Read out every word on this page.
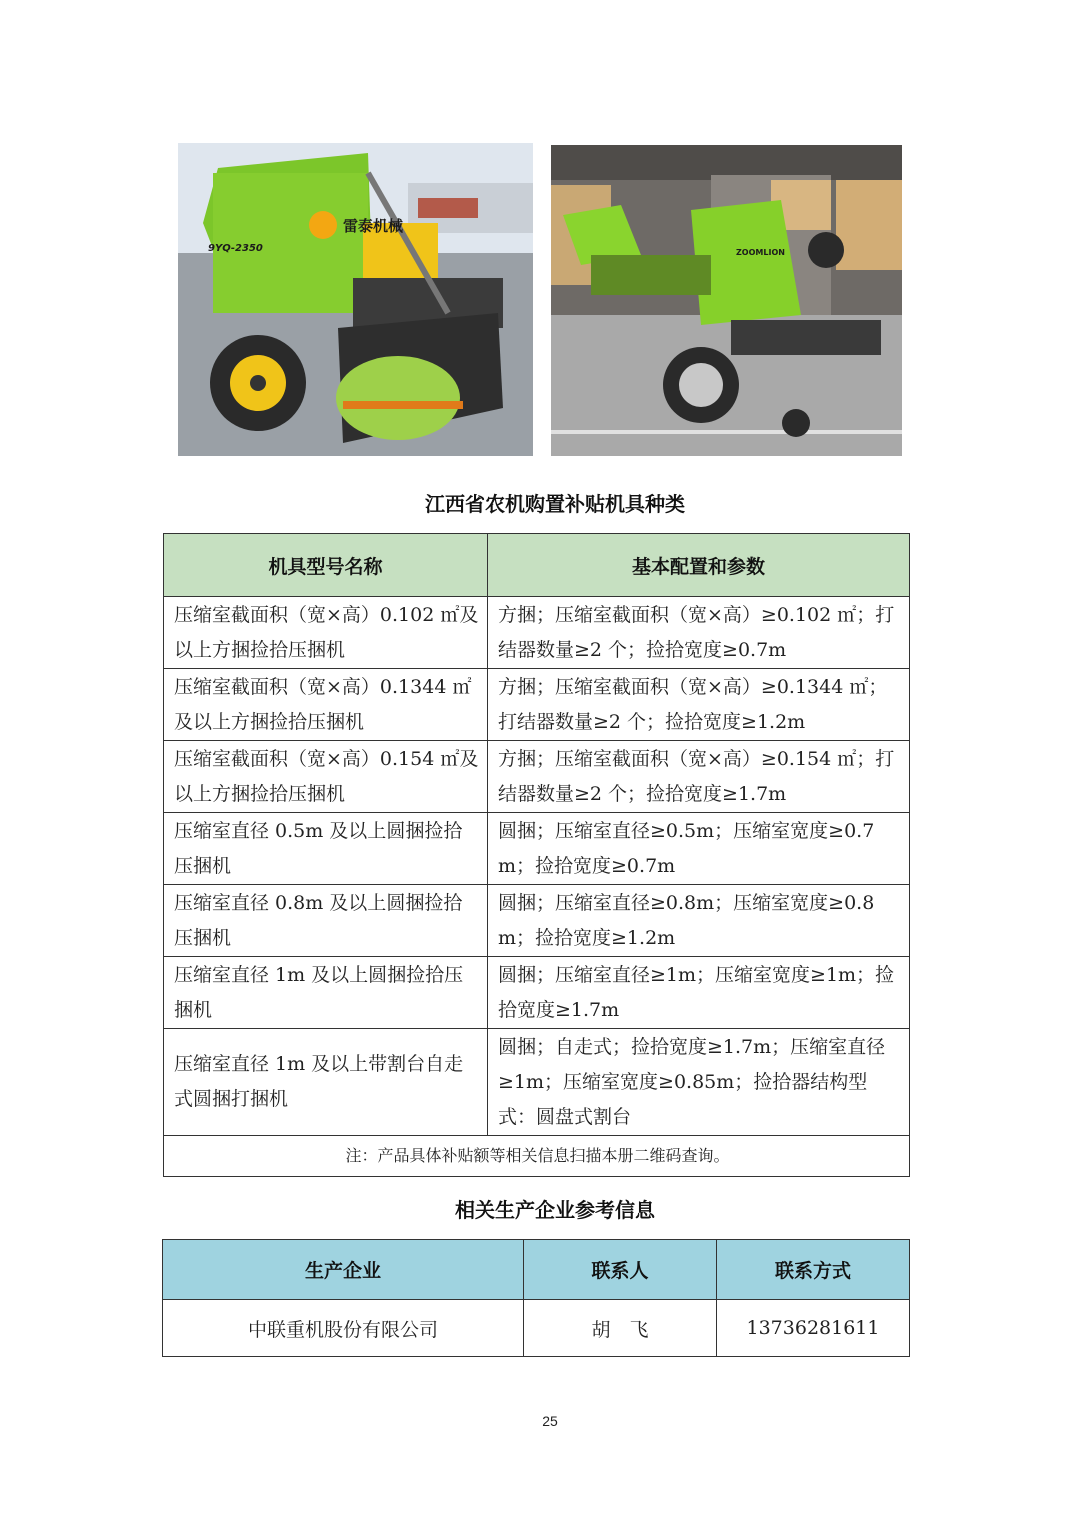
雷泰机械
9YQ-2350	ZOOMLION
江西省农机购置补贴机具种类
机具型号名称	基本配置和参数
压缩室截面积（宽×高）0.102 ㎡及以上方捆捡拾压捆机	方捆；压缩室截面积（宽×高）≥0.102 ㎡；打结器数量≥2 个；捡拾宽度≥0.7m
压缩室截面积（宽×高）0.1344 ㎡及以上方捆捡拾压捆机	方捆；压缩室截面积（宽×高）≥0.1344 ㎡；打结器数量≥2 个；捡拾宽度≥1.2m
压缩室截面积（宽×高）0.154 ㎡及以上方捆捡拾压捆机	方捆；压缩室截面积（宽×高）≥0.154 ㎡；打结器数量≥2 个；捡拾宽度≥1.7m
压缩室直径 0.5m 及以上圆捆捡拾压捆机	圆捆；压缩室直径≥0.5m；压缩室宽度≥0.7m；捡拾宽度≥0.7m
压缩室直径 0.8m 及以上圆捆捡拾压捆机	圆捆；压缩室直径≥0.8m；压缩室宽度≥0.8m；捡拾宽度≥1.2m
压缩室直径 1m 及以上圆捆捡拾压捆机	圆捆；压缩室直径≥1m；压缩室宽度≥1m；捡拾宽度≥1.7m
压缩室直径 1m 及以上带割台自走式圆捆打捆机	圆捆；自走式；捡拾宽度≥1.7m；压缩室直径≥1m；压缩室宽度≥0.85m；捡拾器结构型式：圆盘式割台
注：产品具体补贴额等相关信息扫描本册二维码查询。	
相关生产企业参考信息
生产企业	联系人	联系方式
中联重机股份有限公司	胡　飞	13736281611
25
